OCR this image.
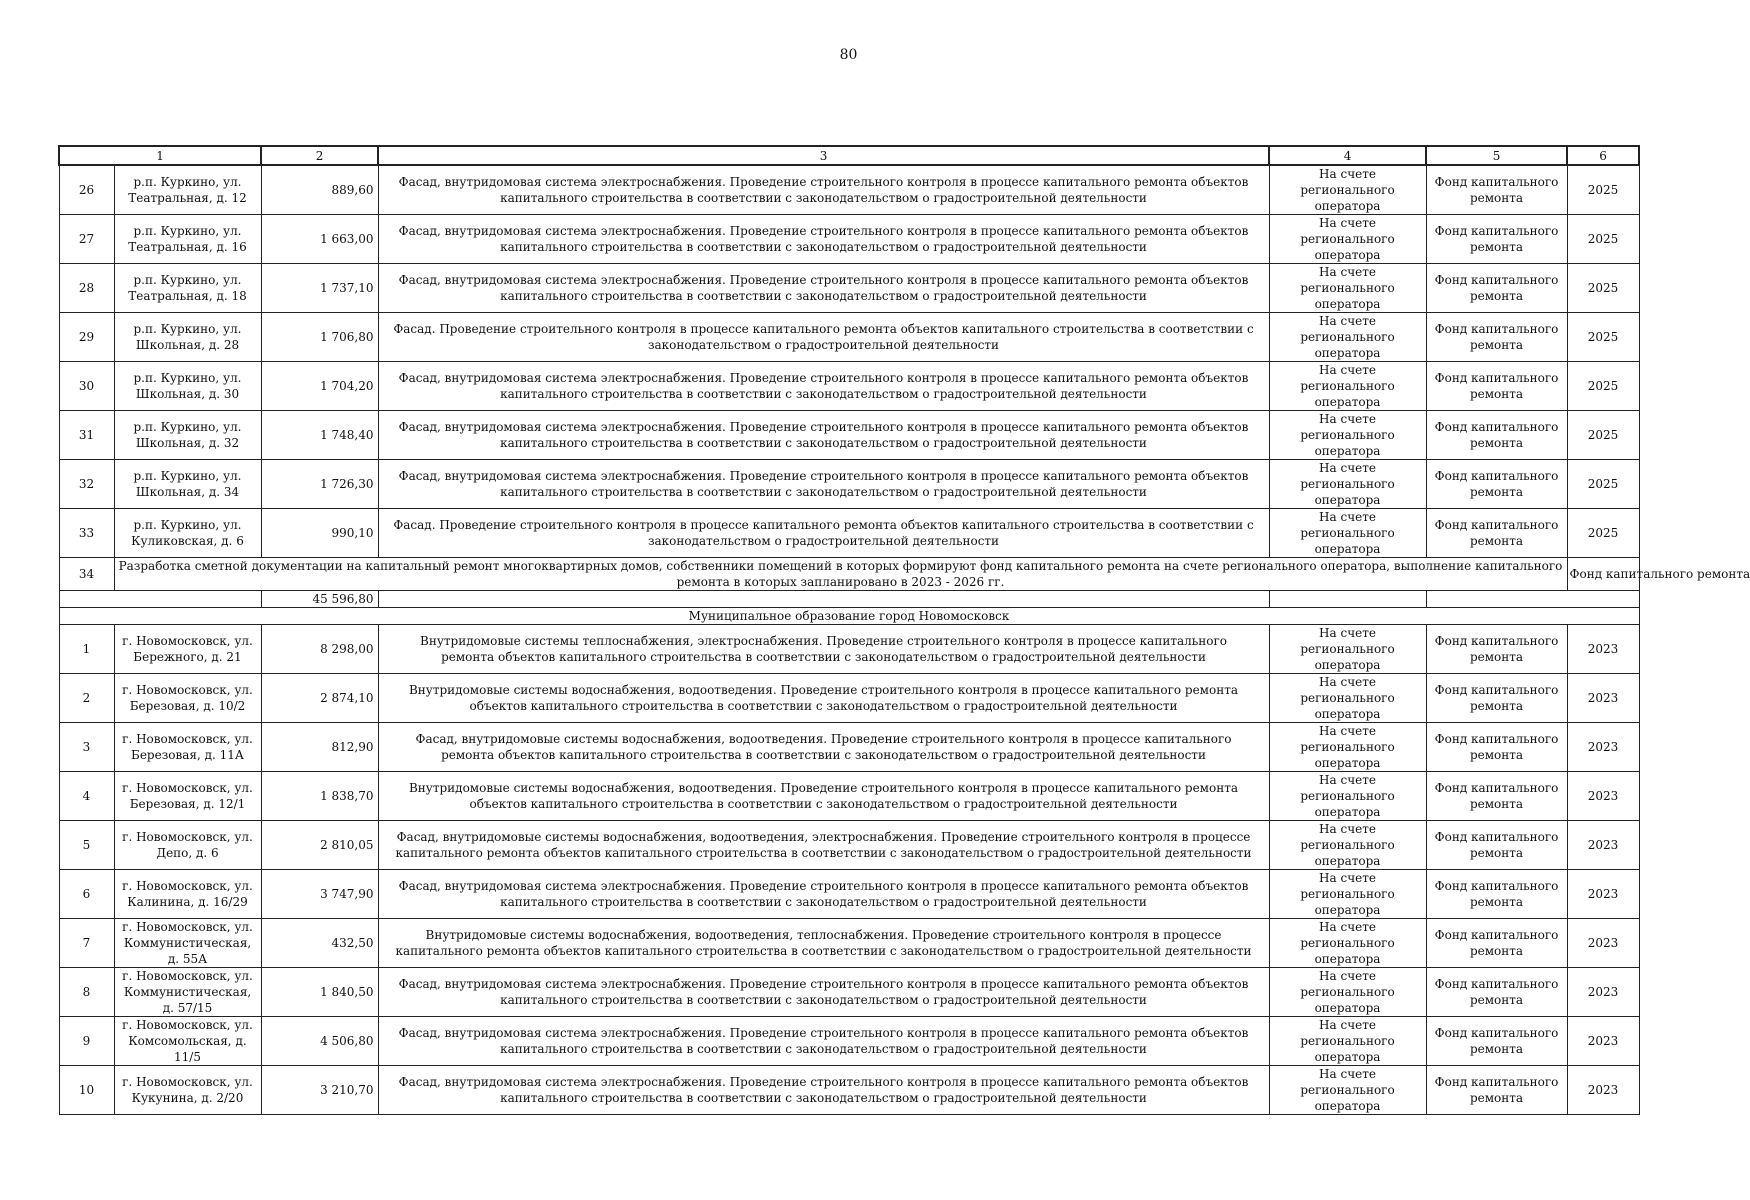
80
1		2	3	4	5	6
26	р.п. Куркино, ул. Театральная, д. 12	889,60	Фасад, внутридомовая система электроснабжения. Проведение строительного контроля в процессе капитального ремонта объектов капитального строительства в соответствии с законодательством о градостроительной деятельности	На счете регионального оператора	Фонд капитального ремонта	2025
27	р.п. Куркино, ул. Театральная, д. 16	1 663,00	Фасад, внутридомовая система электроснабжения. Проведение строительного контроля в процессе капитального ремонта объектов капитального строительства в соответствии с законодательством о градостроительной деятельности	На счете регионального оператора	Фонд капитального ремонта	2025
28	р.п. Куркино, ул. Театральная, д. 18	1 737,10	Фасад, внутридомовая система электроснабжения. Проведение строительного контроля в процессе капитального ремонта объектов капитального строительства в соответствии с законодательством о градостроительной деятельности	На счете регионального оператора	Фонд капитального ремонта	2025
29	р.п. Куркино, ул. Школьная, д. 28	1 706,80	Фасад. Проведение строительного контроля в процессе капитального ремонта объектов капитального строительства в соответствии с законодательством о градостроительной деятельности	На счете регионального оператора	Фонд капитального ремонта	2025
30	р.п. Куркино, ул. Школьная, д. 30	1 704,20	Фасад, внутридомовая система электроснабжения. Проведение строительного контроля в процессе капитального ремонта объектов капитального строительства в соответствии с законодательством о градостроительной деятельности	На счете регионального оператора	Фонд капитального ремонта	2025
31	р.п. Куркино, ул. Школьная, д. 32	1 748,40	Фасад, внутридомовая система электроснабжения. Проведение строительного контроля в процессе капитального ремонта объектов капитального строительства в соответствии с законодательством о градостроительной деятельности	На счете регионального оператора	Фонд капитального ремонта	2025
32	р.п. Куркино, ул. Школьная, д. 34	1 726,30	Фасад, внутридомовая система электроснабжения. Проведение строительного контроля в процессе капитального ремонта объектов капитального строительства в соответствии с законодательством о градостроительной деятельности	На счете регионального оператора	Фонд капитального ремонта	2025
33	р.п. Куркино, ул. Куликовская, д. 6	990,10	Фасад. Проведение строительного контроля в процессе капитального ремонта объектов капитального строительства в соответствии с законодательством о градостроительной деятельности	На счете регионального оператора	Фонд капитального ремонта	2025
34	Разработка сметной документации на капитальный ремонт многоквартирных домов, собственники помещений в которых формируют фонд капитального ремонта на счете регионального оператора, выполнение капитального ремонта в которых запланировано в 2023 - 2026 гг.					Фонд капитального ремонта
		45 596,80				
Муниципальное образование город Новомосковск						
1	г. Новомосковск, ул. Бережного, д. 21	8 298,00	Внутридомовые системы теплоснабжения, электроснабжения. Проведение строительного контроля в процессе капитального ремонта объектов капитального строительства в соответствии с законодательством о градостроительной деятельности	На счете регионального оператора	Фонд капитального ремонта	2023
2	г. Новомосковск, ул. Березовая, д. 10/2	2 874,10	Внутридомовые системы водоснабжения, водоотведения. Проведение строительного контроля в процессе капитального ремонта объектов капитального строительства в соответствии с законодательством о градостроительной деятельности	На счете регионального оператора	Фонд капитального ремонта	2023
3	г. Новомосковск, ул. Березовая, д. 11А	812,90	Фасад, внутридомовые системы водоснабжения, водоотведения. Проведение строительного контроля в процессе капитального ремонта объектов капитального строительства в соответствии с законодательством о градостроительной деятельности	На счете регионального оператора	Фонд капитального ремонта	2023
4	г. Новомосковск, ул. Березовая, д. 12/1	1 838,70	Внутридомовые системы водоснабжения, водоотведения. Проведение строительного контроля в процессе капитального ремонта объектов капитального строительства в соответствии с законодательством о градостроительной деятельности	На счете регионального оператора	Фонд капитального ремонта	2023
5	г. Новомосковск, ул. Депо, д. 6	2 810,05	Фасад, внутридомовые системы водоснабжения, водоотведения, электроснабжения. Проведение строительного контроля в процессе капитального ремонта объектов капитального строительства в соответствии с законодательством о градостроительной деятельности	На счете регионального оператора	Фонд капитального ремонта	2023
6	г. Новомосковск, ул. Калинина, д. 16/29	3 747,90	Фасад, внутридомовая система электроснабжения. Проведение строительного контроля в процессе капитального ремонта объектов капитального строительства в соответствии с законодательством о градостроительной деятельности	На счете регионального оператора	Фонд капитального ремонта	2023
7	г. Новомосковск, ул. Коммунистическая, д. 55А	432,50	Внутридомовые системы водоснабжения, водоотведения, теплоснабжения. Проведение строительного контроля в процессе капитального ремонта объектов капитального строительства в соответствии с законодательством о градостроительной деятельности	На счете регионального оператора	Фонд капитального ремонта	2023
8	г. Новомосковск, ул. Коммунистическая, д. 57/15	1 840,50	Фасад, внутридомовая система электроснабжения. Проведение строительного контроля в процессе капитального ремонта объектов капитального строительства в соответствии с законодательством о градостроительной деятельности	На счете регионального оператора	Фонд капитального ремонта	2023
9	г. Новомосковск, ул. Комсомольская, д. 11/5	4 506,80	Фасад, внутридомовая система электроснабжения. Проведение строительного контроля в процессе капитального ремонта объектов капитального строительства в соответствии с законодательством о градостроительной деятельности	На счете регионального оператора	Фонд капитального ремонта	2023
10	г. Новомосковск, ул. Кукунина, д. 2/20	3 210,70	Фасад, внутридомовая система электроснабжения. Проведение строительного контроля в процессе капитального ремонта объектов капитального строительства в соответствии с законодательством о градостроительной деятельности	На счете регионального оператора	Фонд капитального ремонта	2023
